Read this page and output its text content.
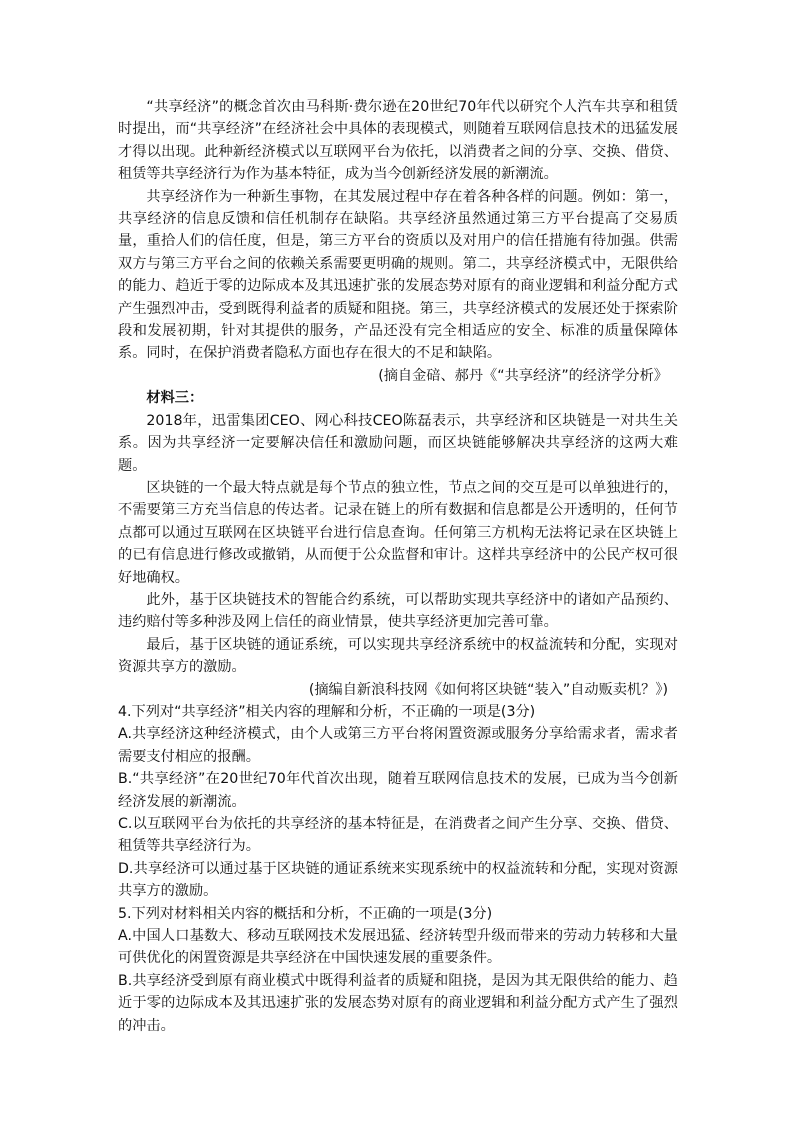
“共享经济”的概念首次由马科斯·费尔逊在20世纪70年代以研究个人汽车共享和租赁时提出，而“共享经济”在经济社会中具体的表现模式，则随着互联网信息技术的迅猛发展才得以出现。此种新经济模式以互联网平台为依托，以消费者之间的分享、交换、借贷、租赁等共享经济行为作为基本特征，成为当今创新经济发展的新潮流。

共享经济作为一种新生事物，在其发展过程中存在着各种各样的问题。例如：第一，共享经济的信息反馈和信任机制存在缺陷。共享经济虽然通过第三方平台提高了交易质量，重拾人们的信任度，但是，第三方平台的资质以及对用户的信任措施有待加强。供需双方与第三方平台之间的依赖关系需要更明确的规则。第二，共享经济模式中，无限供给的能力、趋近于零的边际成本及其迅速扩张的发展态势对原有的商业逻辑和利益分配方式产生强烈冲击，受到既得利益者的质疑和阻挠。第三，共享经济模式的发展还处于探索阶段和发展初期，针对其提供的服务，产品还没有完全相适应的安全、标准的质量保障体系。同时，在保护消费者隐私方面也存在很大的不足和缺陷。

(摘自金碚、郝丹《“共享经济”的经济学分析》

材料三：

2018年，迅雷集团CEO、网心科技CEO陈磊表示，共享经济和区块链是一对共生关系。因为共享经济一定要解决信任和激励问题，而区块链能够解决共享经济的这两大难题。

区块链的一个最大特点就是每个节点的独立性，节点之间的交互是可以单独进行的，不需要第三方充当信息的传达者。记录在链上的所有数据和信息都是公开透明的，任何节点都可以通过互联网在区块链平台进行信息查询。任何第三方机构无法将记录在区块链上的已有信息进行修改或撤销，从而便于公众监督和审计。这样共享经济中的公民产权可很好地确权。

此外，基于区块链技术的智能合约系统，可以帮助实现共享经济中的诸如产品预约、违约赔付等多种涉及网上信任的商业情景，使共享经济更加完善可靠。

最后，基于区块链的通证系统，可以实现共享经济系统中的权益流转和分配，实现对资源共享方的激励。

(摘编自新浪科技网《如何将区块链“装入”自动贩卖机？》)

4.下列对“共享经济”相关内容的理解和分析，不正确的一项是(3分)

A.共享经济这种经济模式，由个人或第三方平台将闲置资源或服务分享给需求者，需求者需要支付相应的报酬。

B.“共享经济”在20世纪70年代首次出现，随着互联网信息技术的发展，已成为当今创新经济发展的新潮流。

C.以互联网平台为依托的共享经济的基本特征是，在消费者之间产生分享、交换、借贷、租赁等共享经济行为。

D.共享经济可以通过基于区块链的通证系统来实现系统中的权益流转和分配，实现对资源共享方的激励。

5.下列对材料相关内容的概括和分析，不正确的一项是(3分)

A.中国人口基数大、移动互联网技术发展迅猛、经济转型升级而带来的劳动力转移和大量可供优化的闲置资源是共享经济在中国快速发展的重要条件。

B.共享经济受到原有商业模式中既得利益者的质疑和阻挠，是因为其无限供给的能力、趋近于零的边际成本及其迅速扩张的发展态势对原有的商业逻辑和利益分配方式产生了强烈的冲击。
